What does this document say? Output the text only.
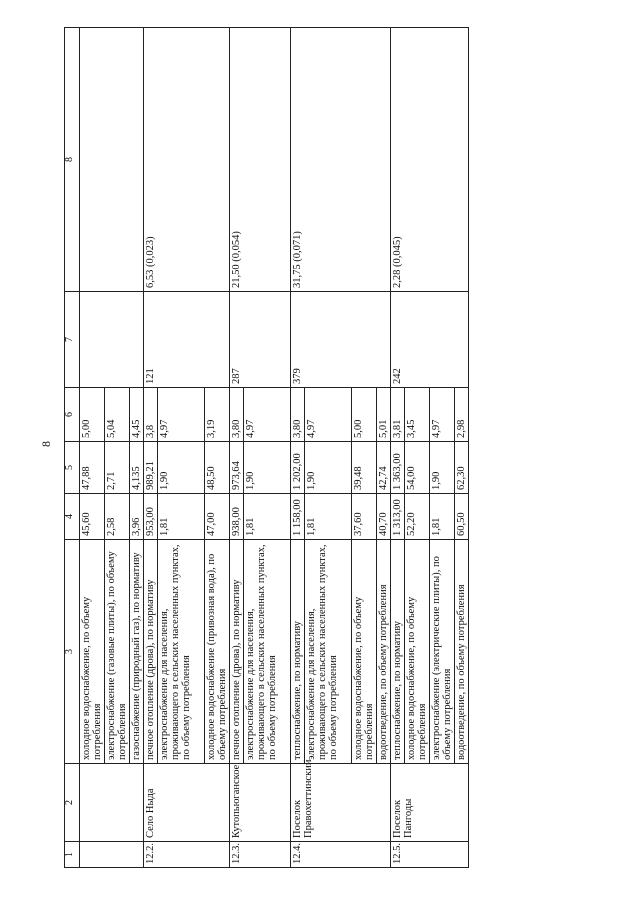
8
1	2	3	4	5	6	7	8
		холодное водоснабжение, по объему потребления	45,60	47,88	5,00		
		электроснабжение (газовые плиты), по объему потребления	2,58	2,71	5,04		
		газоснабжение (природный газ), по нормативу	3,96	4,135	4,45		
12.2.	Село Ныда	печное отопление (дрова), по нормативу	953,00	989,21	3,8	121	6,53 (0,023)
		электроснабжение для населения, проживающего в сельских населенных пунктах, по объему потребления	1,81	1,90	4,97		
		холодное водоснабжение (привозная вода), по объему потребления	47,00	48,50	3,19		
12.3.	Кутопьюганское	печное отопление (дрова), по нормативу	938,00	973,64	3,80	287	21,50 (0,054)
		электроснабжение для населения, проживающего в сельских населенных пунктах, по объему потребления	1,81	1,90	4,97		
12.4.	Поселок Правохеттинский	теплоснабжение, по нормативу	1 158,00	1 202,00	3,80	379	31,75 (0,071)
		электроснабжение для населения, проживающего в сельских населенных пунктах, по объему потребления	1,81	1,90	4,97		
		холодное водоснабжение, по объему потребления	37,60	39,48	5,00		
		водоотведение, по объему потребления	40,70	42,74	5,01		
12.5.	Поселок Пангоды	теплоснабжение, по нормативу	1 313,00	1 363,00	3,81	242	2,28 (0,045)
		холодное водоснабжение, по объему потребления	52,20	54,00	3,45		
		электроснабжение (электрические плиты), по объему потребления	1,81	1,90	4,97		
		водоотведение, по объему потребления	60,50	62,30	2,98		
